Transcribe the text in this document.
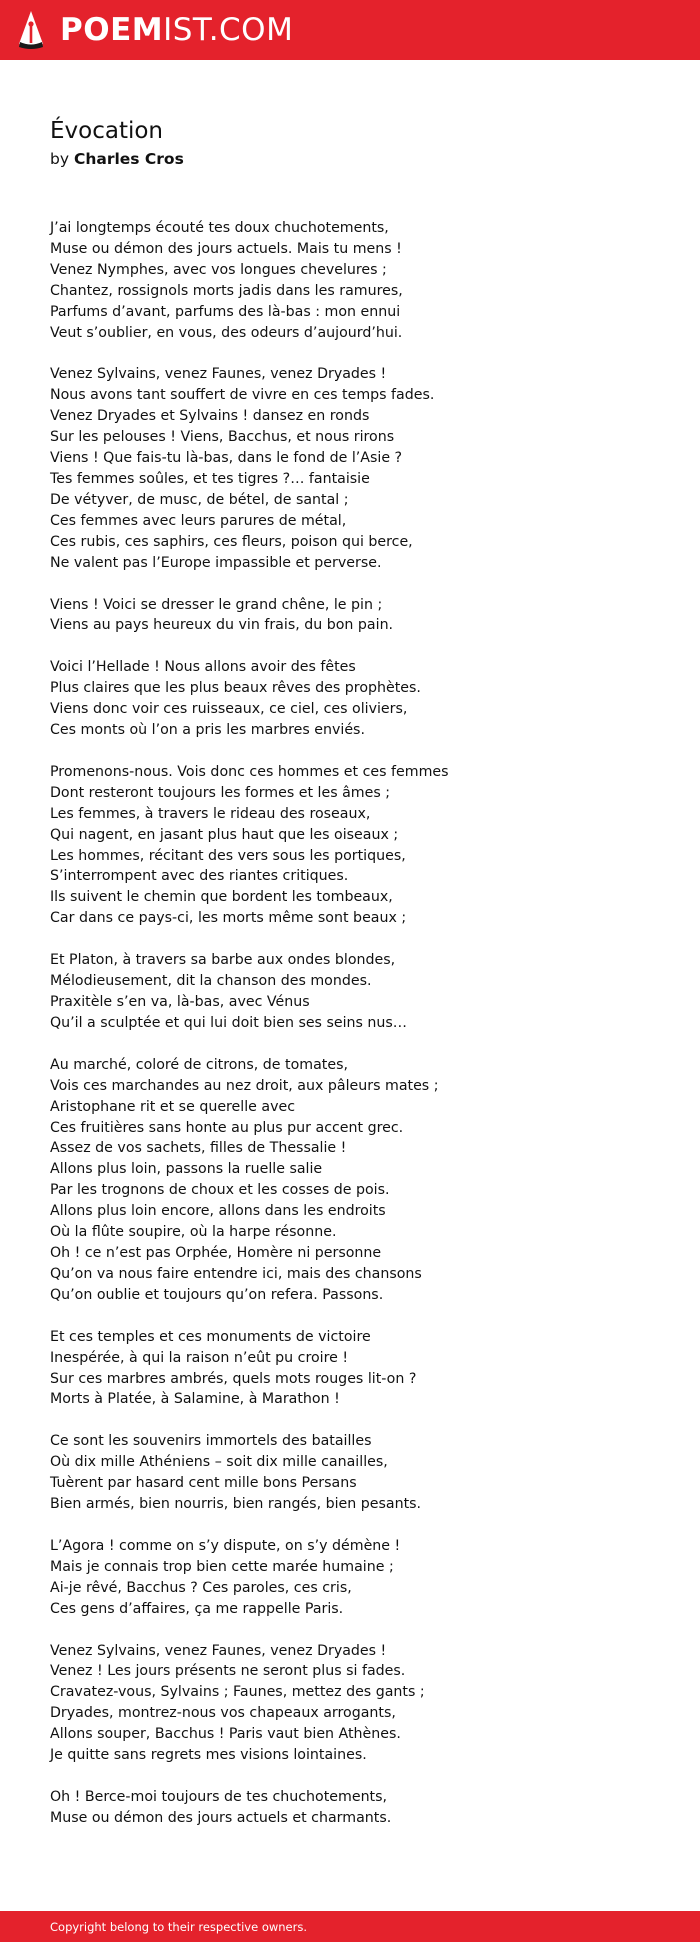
POEMIST.COM
Évocation

by Charles Cros

J’ai longtemps écouté tes doux chuchotements,
Muse ou démon des jours actuels. Mais tu mens !
Venez Nymphes, avec vos longues chevelures ;
Chantez, rossignols morts jadis dans les ramures,
Parfums d’avant, parfums des là-bas : mon ennui
Veut s’oublier, en vous, des odeurs d’aujourd’hui.
Venez Sylvains, venez Faunes, venez Dryades !
Nous avons tant souffert de vivre en ces temps fades.
Venez Dryades et Sylvains ! dansez en ronds
Sur les pelouses ! Viens, Bacchus, et nous rirons
Viens ! Que fais-tu là-bas, dans le fond de l’Asie ?
Tes femmes soûles, et tes tigres ?… fantaisie
De vétyver, de musc, de bétel, de santal ;
Ces femmes avec leurs parures de métal,
Ces rubis, ces saphirs, ces fleurs, poison qui berce,
Ne valent pas l’Europe impassible et perverse.
Viens ! Voici se dresser le grand chêne, le pin ;
Viens au pays heureux du vin frais, du bon pain.
Voici l’Hellade ! Nous allons avoir des fêtes
Plus claires que les plus beaux rêves des prophètes.
Viens donc voir ces ruisseaux, ce ciel, ces oliviers,
Ces monts où l’on a pris les marbres enviés.
Promenons-nous. Vois donc ces hommes et ces femmes
Dont resteront toujours les formes et les âmes ;
Les femmes, à travers le rideau des roseaux,
Qui nagent, en jasant plus haut que les oiseaux ;
Les hommes, récitant des vers sous les portiques,
S’interrompent avec des riantes critiques.
Ils suivent le chemin que bordent les tombeaux,
Car dans ce pays-ci, les morts même sont beaux ;
Et Platon, à travers sa barbe aux ondes blondes,
Mélodieusement, dit la chanson des mondes.
Praxitèle s’en va, là-bas, avec Vénus
Qu’il a sculptée et qui lui doit bien ses seins nus…
Au marché, coloré de citrons, de tomates,
Vois ces marchandes au nez droit, aux pâleurs mates ;
Aristophane rit et se querelle avec
Ces fruitières sans honte au plus pur accent grec.
Assez de vos sachets, filles de Thessalie !
Allons plus loin, passons la ruelle salie
Par les trognons de choux et les cosses de pois.
Allons plus loin encore, allons dans les endroits
Où la flûte soupire, où la harpe résonne.
Oh ! ce n’est pas Orphée, Homère ni personne
Qu’on va nous faire entendre ici, mais des chansons
Qu’on oublie et toujours qu’on refera. Passons.
Et ces temples et ces monuments de victoire
Inespérée, à qui la raison n’eût pu croire !
Sur ces marbres ambrés, quels mots rouges lit-on ?
Morts à Platée, à Salamine, à Marathon !
Ce sont les souvenirs immortels des batailles
Où dix mille Athéniens – soit dix mille canailles,
Tuèrent par hasard cent mille bons Persans
Bien armés, bien nourris, bien rangés, bien pesants.
L’Agora ! comme on s’y dispute, on s’y démène !
Mais je connais trop bien cette marée humaine ;
Ai-je rêvé, Bacchus ? Ces paroles, ces cris,
Ces gens d’affaires, ça me rappelle Paris.
Venez Sylvains, venez Faunes, venez Dryades !
Venez ! Les jours présents ne seront plus si fades.
Cravatez-vous, Sylvains ; Faunes, mettez des gants ;
Dryades, montrez-nous vos chapeaux arrogants,
Allons souper, Bacchus ! Paris vaut bien Athènes.
Je quitte sans regrets mes visions lointaines.
Oh ! Berce-moi toujours de tes chuchotements,
Muse ou démon des jours actuels et charmants.
Copyright belong to their respective owners.
